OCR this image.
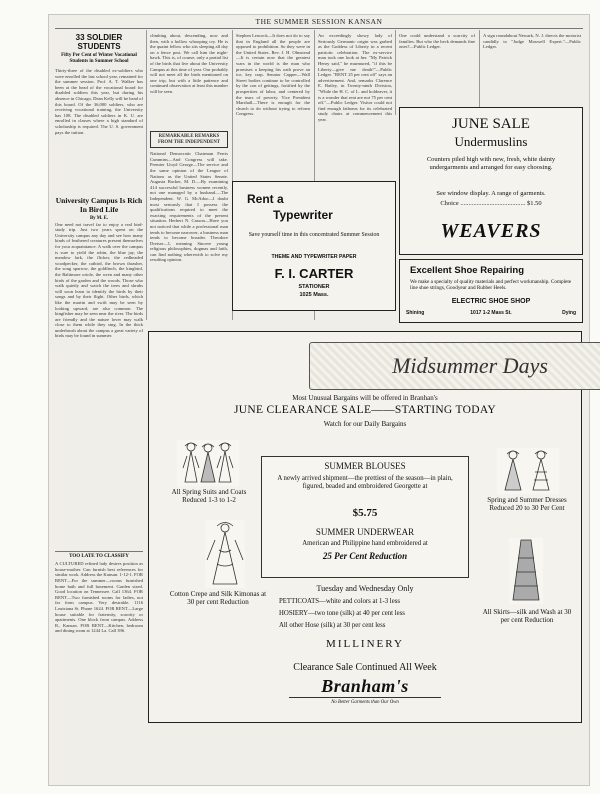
THE SUMMER SESSION KANSAN
33 SOLDIER STUDENTS
Fifty Per Cent of Winter Vocational Students in Summer School

Thirty-three of the disabled ex-soldiers who were enrolled the last school year, remained for the summer session. Prof. A. T. Walker has been at the head of the vocational board for disabled soldiers this year, but during his absence in Chicago, Dean Kelly will be head of this board. Of the 36,000 soldiers, who are receiving vocational training, the University has 108. The disabled soldiers in K. U. are enrolled in classes where a high standard of scholarship is required. The U. S. government pays the tuition.

University Campus Is Rich In Bird Life
By M. E.

One need not travel far to enjoy a real bird-study trip. Just two years spent on the University campus any day and see how many kinds of feathered creatures present themselves for your acquaintance. A walk over the campus is sure to yield the robin, the blue jay, the meadow lark, the flicker, the redheaded woodpecker, the catbird, the brown thrasher, the song sparrow, the goldfinch, the kingbird, the Baltimore oriole, the wren and many other birds of the garden and the woods. Those who walk quietly and watch the trees and shrubs will soon learn to identify the birds by their songs and by their flight. Other birds, which like the martin and swift may be seen by looking upward, are also common. The kingfisher may be seen near the river. The birds are friendly and the nature lover may walk close to them while they sing. In the thick underbrush about the campus a great variety of birds may be found in summer.

TOO LATE TO CLASSIFY

A CULTURED refined lady desires position as house-mother. Can furnish best references for similar work. Address the Kansan. 1-12-1. FOR RENT—For the summer—rooms furnished home bath and full basement. Garden sized. Good location on Tennessee. Call 1364. FOR RENT—Two furnished rooms for ladies, not far from campus. Very desirable. 1116 Louisiana St. Phone 1624. FOR RENT—Large house suitable for fraternity, sorority or apartments. One block from campus. Address R., Kansan. FOR RENT—Kitchen, bedroom and dining room at 1244 La. Call 396.

climbing about, descending, now and then, with a hollow whooping cry. He is the quaint fellow who sits sleeping all day on a fence post. We call him the night-hawk. This is, of course, only a partial list of the birds that live about the University Campus at this time of year. Our probably will not meet all the birds mentioned on one trip, but with a little patience and continued observation at least this number will be seen.

REMARKABLE REMARKS FROM THE INDEPENDENT

National Democratic Chairman Ferris Cummins—And Congress will take. Premier Lloyd George—The service and the same opinion of the League of Nations as the United States Senate. Augusta Backer, M. D.—By examining 414 successful business women recently, not one managed by a husband.—The Independent. W. G. McAdoo—I doubt most seriously that I possess the qualifications required to meet the exacting requirements of the present situation. Herbert N. Casson—Have you not noticed that while a professional man tends to become narrower, a business man tends to become broader. Theodore Dreiser—I, meaning Sincere young religious philosophies, dogmas and faith, can find nothing wherewith to solve my resulting opinion.

Stephen Leacock—It does not do to say that in England all the people are opposed to prohibition. So they were in the United States. Rev. J. H. Olmstead—It is certain now that the greatest wars in the world is the man who promises a keeping his oath prove an ice, key crap. Senator Capper—Wall Street bodies continue to be controlled by the con of gettings, fortified by the prosperities of labor, and centered by the tears of poverty. Vice President Marshall—There is enough for the church to do without trying to reform Congress.

An exceedingly showy lady of Seriously Germanic origin was garbed as the Goddess of Liberty in a recent patriotic celebration. The ex-service man took one look at her. "My Patrick Henry said," he murmured, "if this be Liberty—give me death!"—Public Ledger. "RENT 25 per cent off" says an advertisement. And, remarks Clarence E. Bailey, in Twenty-ninth Division, "While the H. C. of L. and holdeaver, it is a wonder that rent are not 75 per cent off."—Public Ledger. Visitor could not find enough fathoms for its celebrated study chairs at commencement this year.

One could understand a scarcity of families. But who the heck demands fine ones?—Public Ledger.

A sign roundabout Newark, N. J. directs the motorist candidly to "Judge Maxwell Expert."—Public Ledger.

JUNE SALE
Undermuslins
Counters piled high with new, fresh, white dainty undergarments and arranged for easy choosing.
See window display. A range of garments.
Choice ........................................ $1.50
WEAVERS
Rent a
Typewriter
Save yourself time in this concentrated Summer Session
THEME AND TYPEWRITER PAPER
F. I. CARTER
STATIONER
1025 Mass.
Excellent Shoe Repairing
We make a specialty of quality materials and perfect workmanship. Complete line shoe strings, Goodyear and Rubber Heels.
ELECTRIC SHOE SHOP
Shining	1017 1-2 Mass St.	Dying
Midsummer Days
Most Unusual Bargains will be offered in Branhan's
JUNE CLEARANCE SALE——STARTING TODAY
Watch for our Daily Bargains
All Spring Suits and Coats Reduced 1-3 to 1-2	Spring and Summer Dresses Reduced 20 to 30 Per Cent
SUMMER BLOUSES
A newly arrived shipment—the prettiest of the season—in plain, figured, beaded and embroidered Georgette at
$5.75
SUMMER UNDERWEAR
American and Philippine hand embroidered at
25 Per Cent Reduction
Cotton Crepe and Silk Kimonas at 30 per cent Reduction
All Skirts—silk and Wash at 30 per cent Reduction
Tuesday and Wednesday Only
PETTICOATS—white and colors at 1-3 less
HOSIERY—two tone (silk) at 40 per cent less
All other Hose (silk) at 30 per cent less
MILLINERY
Clearance Sale Continued All Week
Branham's
No Better Garments than Our Own
